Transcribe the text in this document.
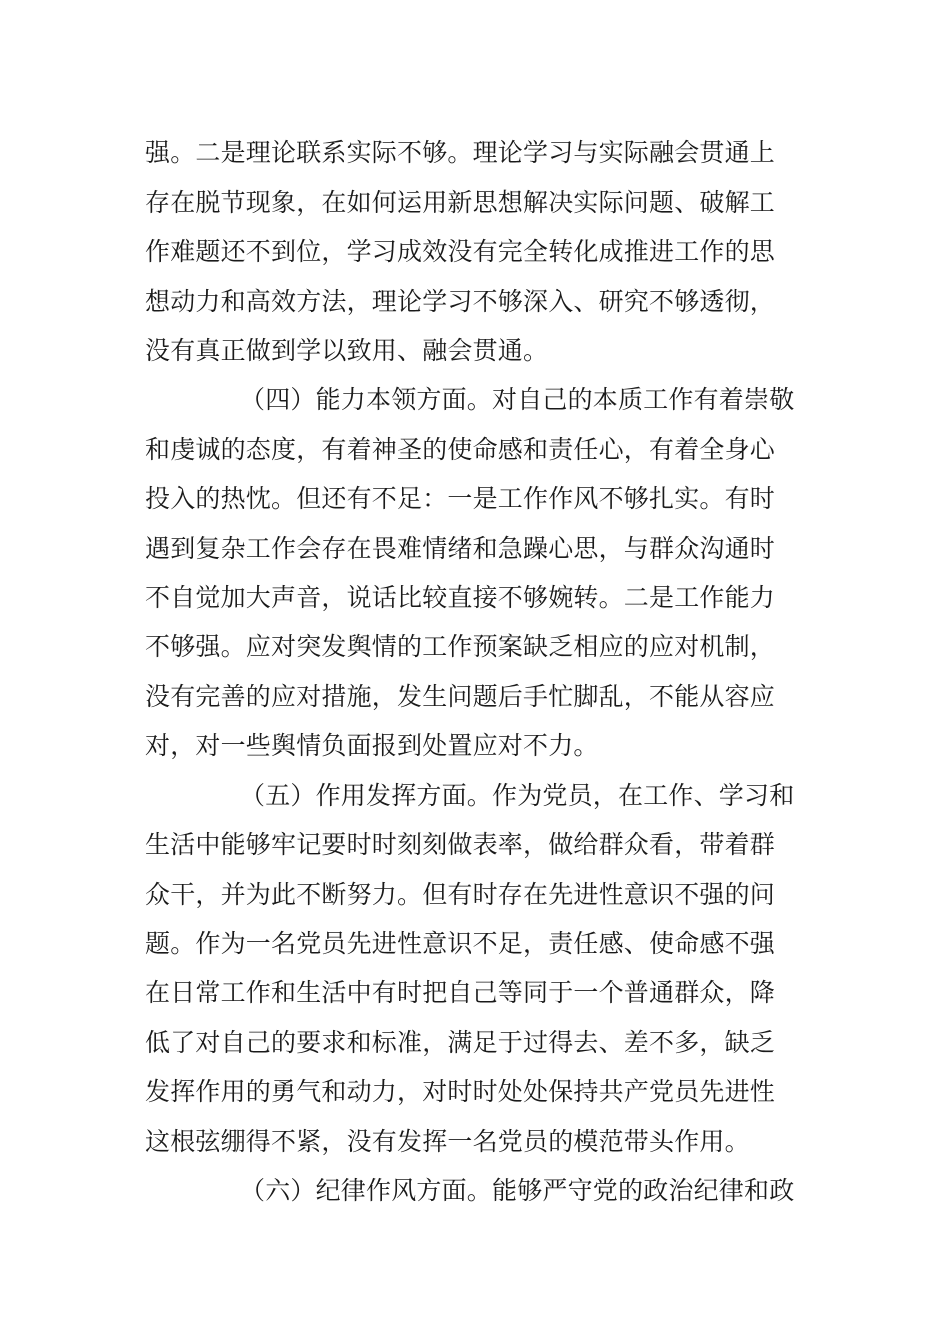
强。二是理论联系实际不够。理论学习与实际融会贯通上

存在脱节现象，在如何运用新思想解决实际问题、破解工

作难题还不到位，学习成效没有完全转化成推进工作的思

想动力和高效方法，理论学习不够深入、研究不够透彻，

没有真正做到学以致用、融会贯通。

（四）能力本领方面。对自己的本质工作有着崇敬

和虔诚的态度，有着神圣的使命感和责任心，有着全身心

投入的热忱。但还有不足：一是工作作风不够扎实。有时

遇到复杂工作会存在畏难情绪和急躁心思，与群众沟通时

不自觉加大声音，说话比较直接不够婉转。二是工作能力

不够强。应对突发舆情的工作预案缺乏相应的应对机制，

没有完善的应对措施，发生问题后手忙脚乱，不能从容应

对，对一些舆情负面报到处置应对不力。

（五）作用发挥方面。作为党员，在工作、学习和

生活中能够牢记要时时刻刻做表率，做给群众看，带着群

众干，并为此不断努力。但有时存在先进性意识不强的问

题。作为一名党员先进性意识不足，责任感、使命感不强

在日常工作和生活中有时把自己等同于一个普通群众，降

低了对自己的要求和标准，满足于过得去、差不多，缺乏

发挥作用的勇气和动力，对时时处处保持共产党员先进性

这根弦绷得不紧，没有发挥一名党员的模范带头作用。

（六）纪律作风方面。能够严守党的政治纪律和政
